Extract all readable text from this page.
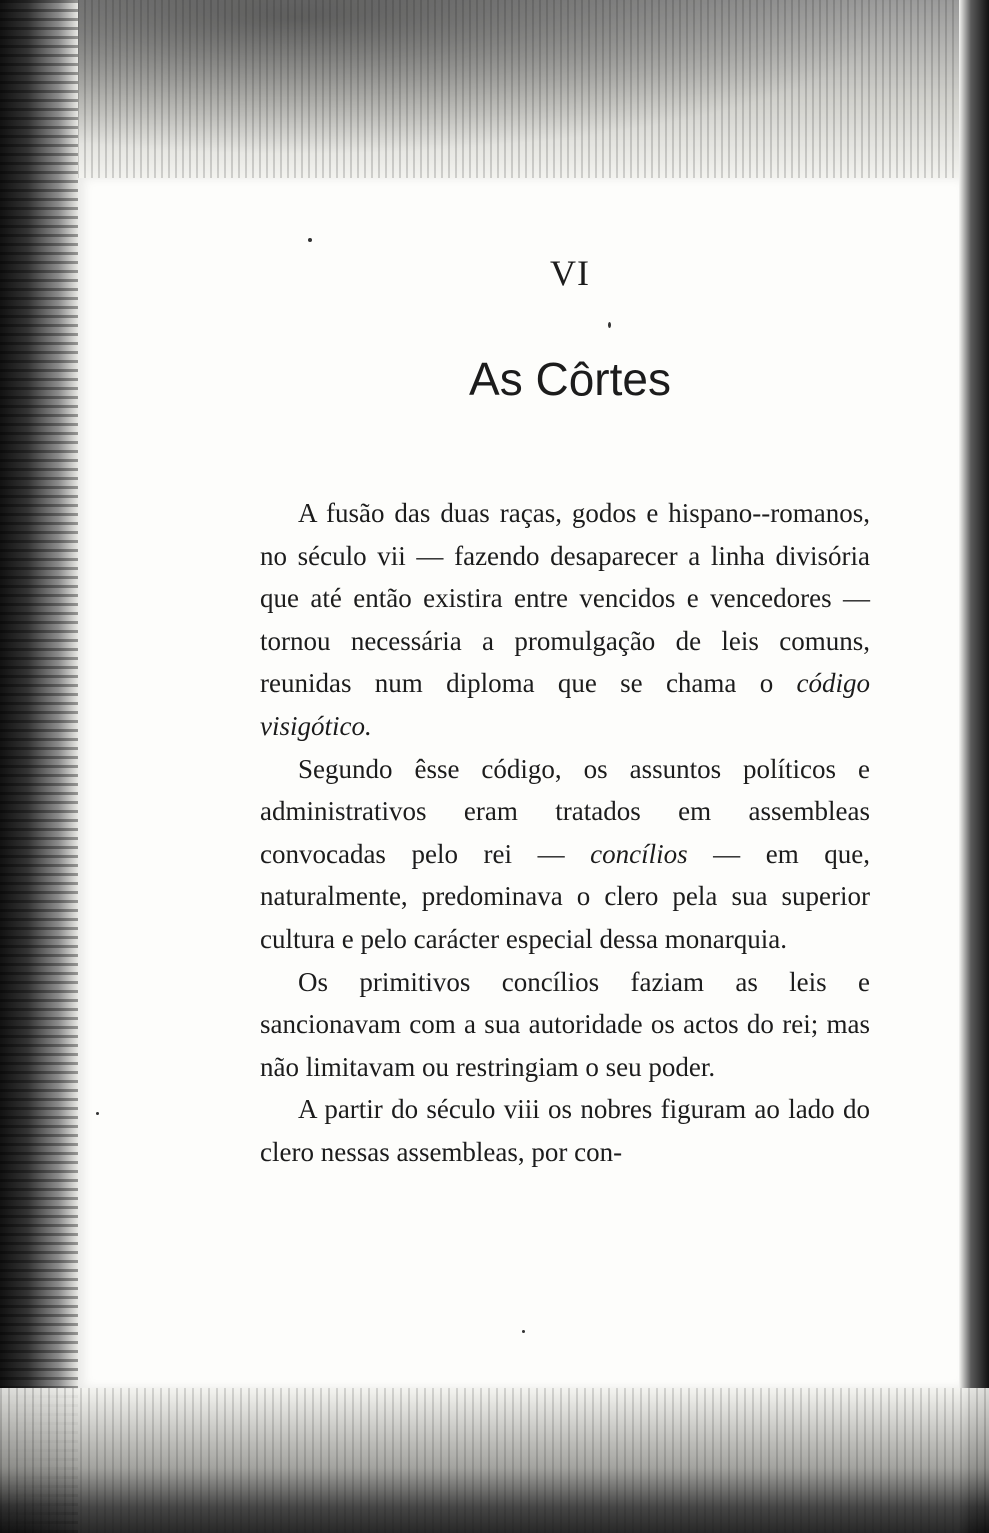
VI
As Côrtes

A fusão das duas raças, godos e hispano--romanos, no século vii — fazendo desaparecer a linha divisória que até então existira entre vencidos e vencedores — tornou necessária a promulgação de leis comuns, reunidas num diploma que se chama o código visigótico.

Segundo êsse código, os assuntos políticos e administrativos eram tratados em assembleas convocadas pelo rei — concílios — em que, naturalmente, predominava o clero pela sua superior cultura e pelo carácter especial dessa monarquia.

Os primitivos concílios faziam as leis e sancionavam com a sua autoridade os actos do rei; mas não limitavam ou restringiam o seu poder.

A partir do século viii os nobres figuram ao lado do clero nessas assembleas, por con-
